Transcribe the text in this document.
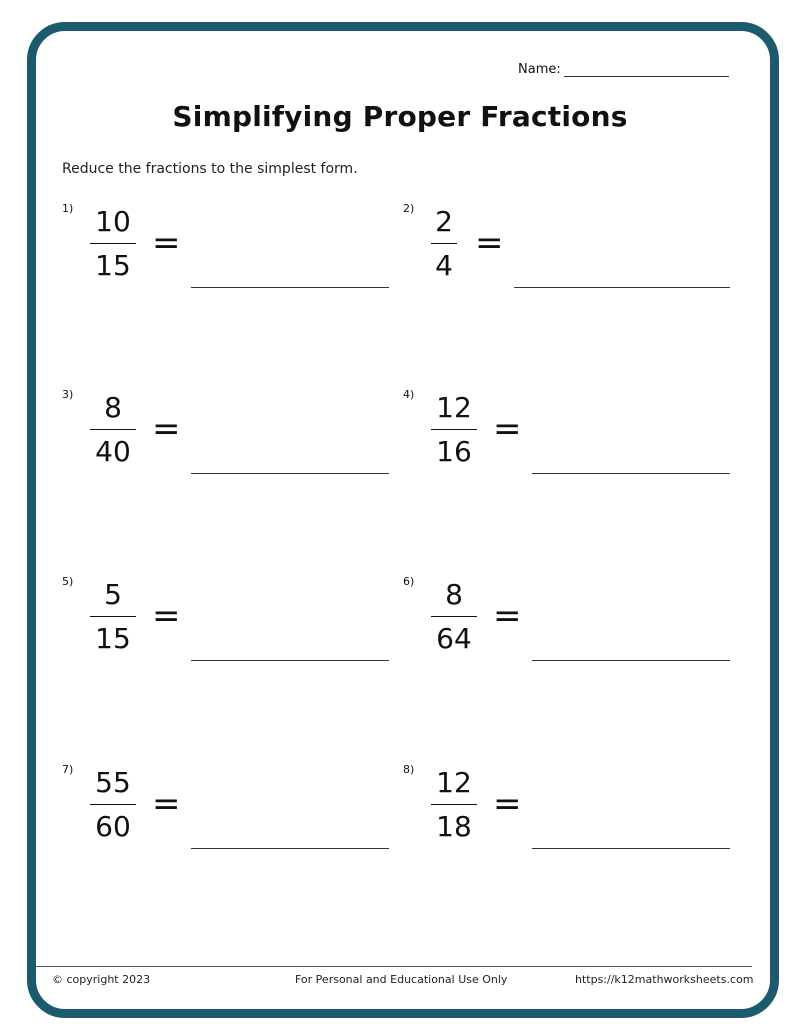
Name:
Simplifying Proper Fractions
Reduce the fractions to the simplest form.
1) 10
15
=
2) 2
4
=
3)	8
40
=
4) 12
16
=
5)	5
15
=
6)	8
64
=
7) 55
60
=
8) 12
18
=
© copyright 2023	For Personal and Educational Use Only	https://k12mathworksheets.com
